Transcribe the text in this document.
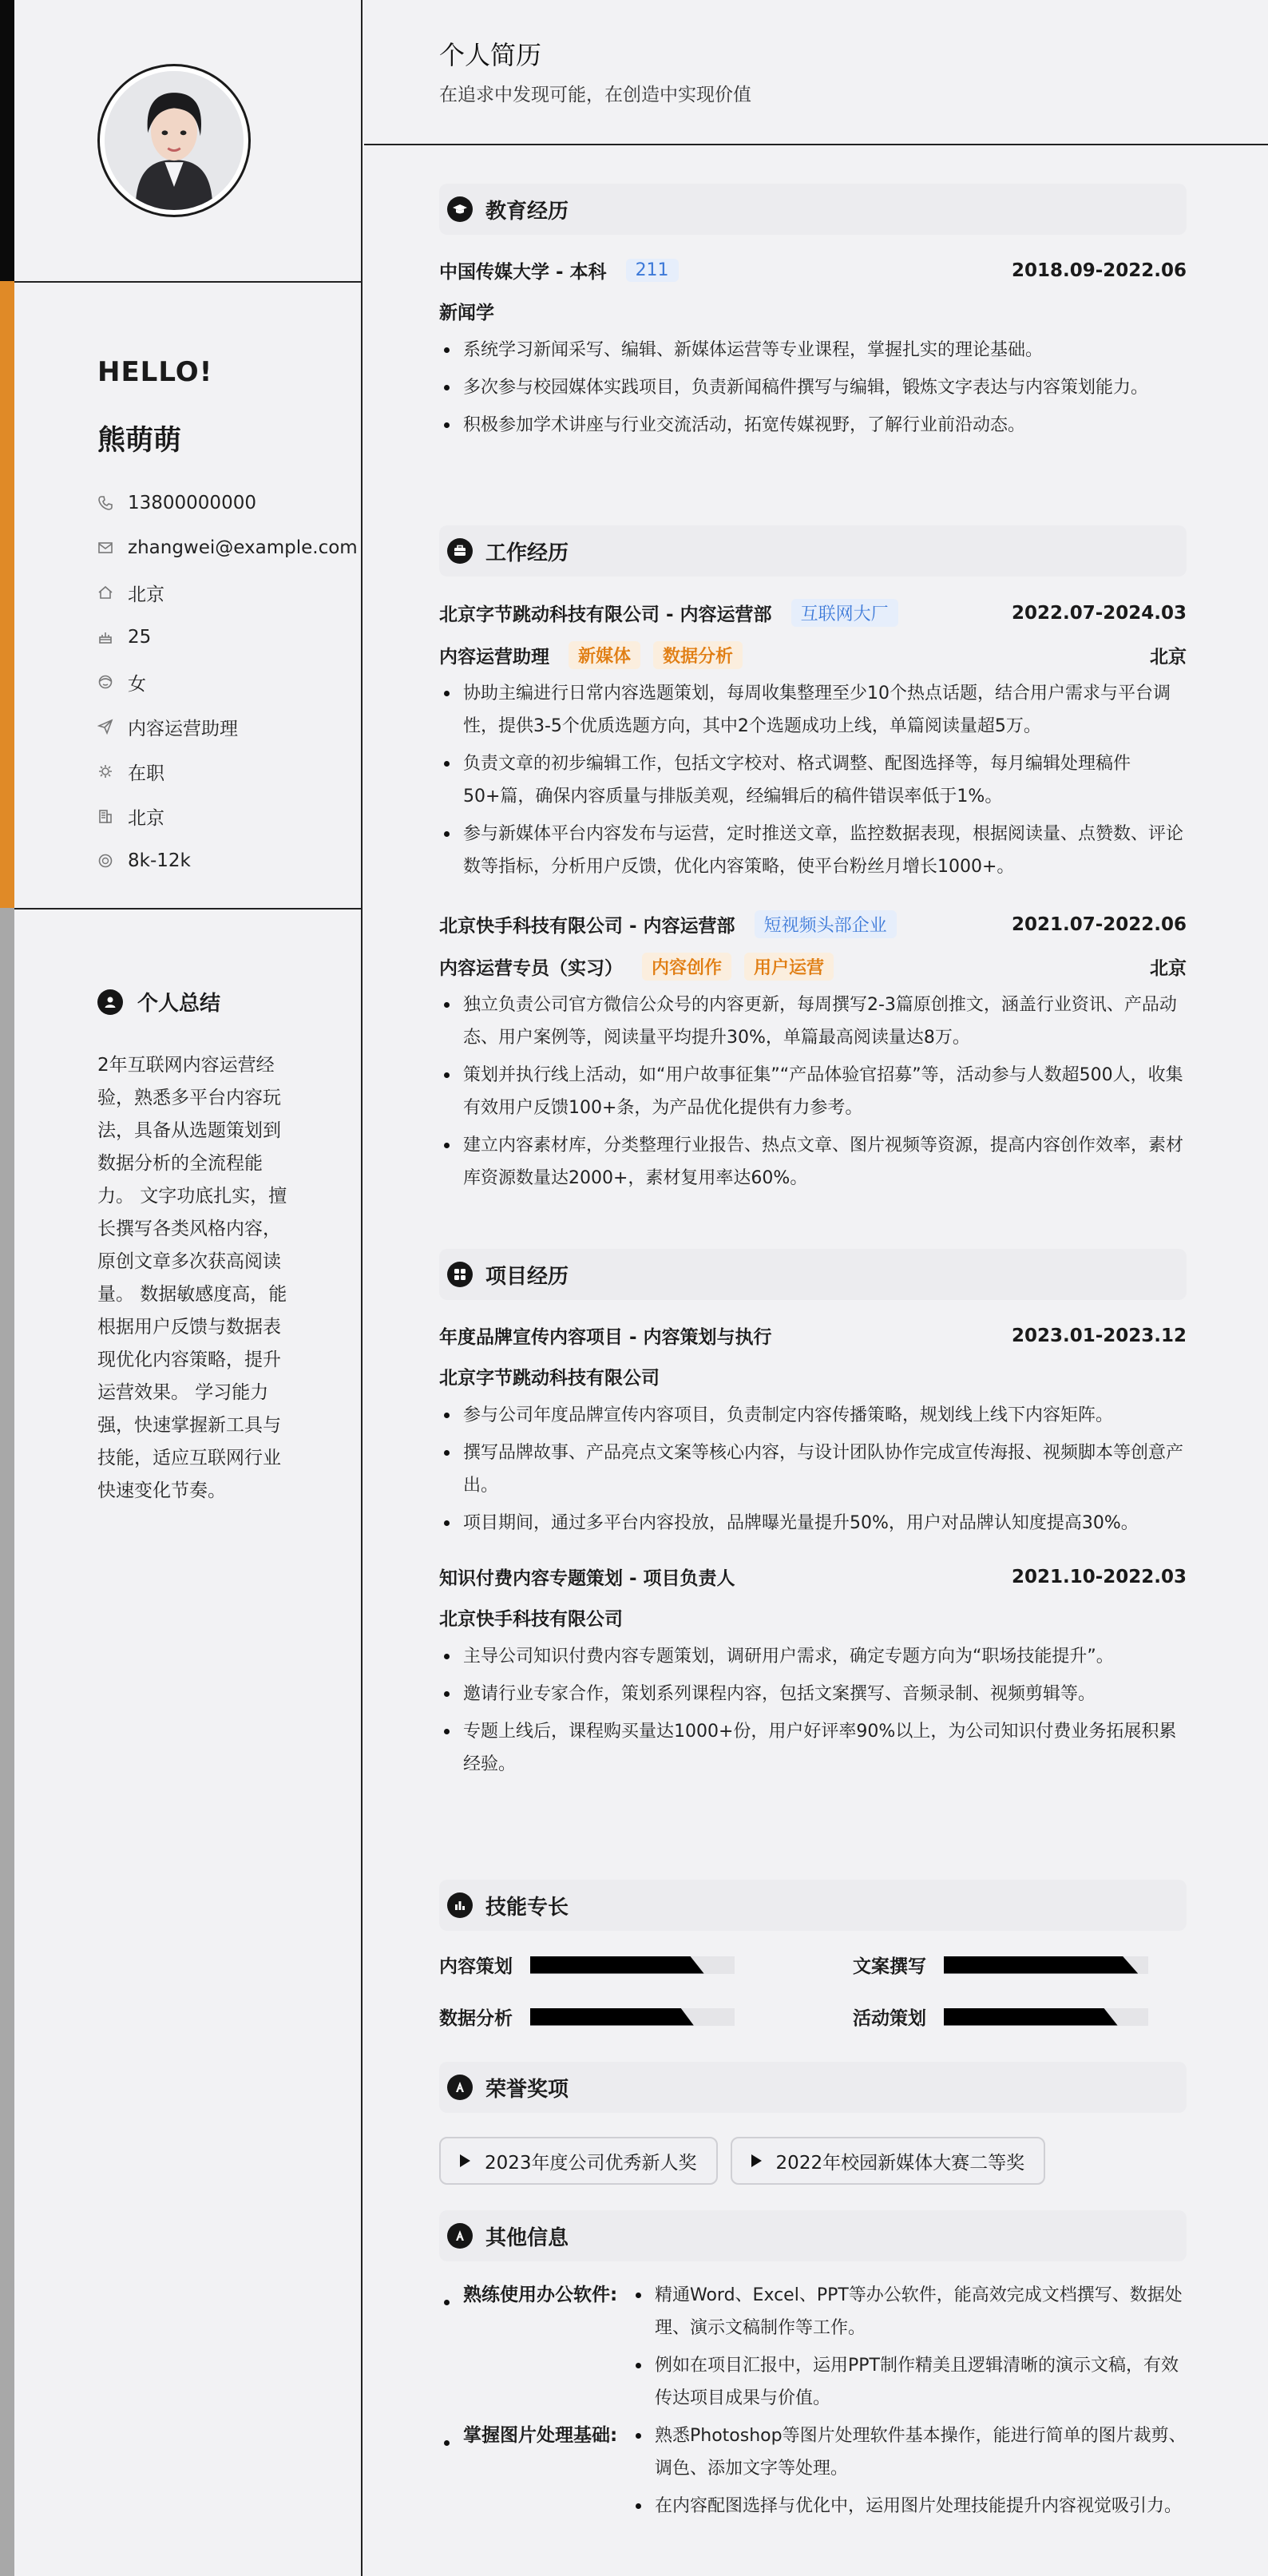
HELLO!
熊萌萌
13800000000
zhangwei@example.com
北京
25
女
内容运营助理
在职
北京
8k-12k
个人总结
2年互联网内容运营经验，熟悉多平台内容玩法，具备从选题策划到数据分析的全流程能力。 文字功底扎实，擅长撰写各类风格内容，原创文章多次获高阅读量。 数据敏感度高，能根据用户反馈与数据表现优化内容策略，提升运营效果。 学习能力强，快速掌握新工具与技能，适应互联网行业快速变化节奏。
个人简历
在追求中发现可能，在创造中实现价值
教育经历
中国传媒大学 - 本科	211	2018.09-2022.06
新闻学
系统学习新闻采写、编辑、新媒体运营等专业课程，掌握扎实的理论基础。
多次参与校园媒体实践项目，负责新闻稿件撰写与编辑，锻炼文字表达与内容策划能力。
积极参加学术讲座与行业交流活动，拓宽传媒视野，了解行业前沿动态。
工作经历
北京字节跳动科技有限公司 - 内容运营部	互联网大厂	2022.07-2024.03
内容运营助理	新媒体	数据分析	北京
协助主编进行日常内容选题策划，每周收集整理至少10个热点话题，结合用户需求与平台调性，提供3-5个优质选题方向，其中2个选题成功上线，单篇阅读量超5万。
负责文章的初步编辑工作，包括文字校对、格式调整、配图选择等，每月编辑处理稿件50+篇，确保内容质量与排版美观，经编辑后的稿件错误率低于1%。
参与新媒体平台内容发布与运营，定时推送文章，监控数据表现，根据阅读量、点赞数、评论数等指标，分析用户反馈，优化内容策略，使平台粉丝月增长1000+。
北京快手科技有限公司 - 内容运营部	短视频头部企业	2021.07-2022.06
内容运营专员（实习）	内容创作	用户运营	北京
独立负责公司官方微信公众号的内容更新，每周撰写2-3篇原创推文，涵盖行业资讯、产品动态、用户案例等，阅读量平均提升30%，单篇最高阅读量达8万。
策划并执行线上活动，如“用户故事征集”“产品体验官招募”等，活动参与人数超500人，收集有效用户反馈100+条，为产品优化提供有力参考。
建立内容素材库，分类整理行业报告、热点文章、图片视频等资源，提高内容创作效率，素材库资源数量达2000+，素材复用率达60%。
项目经历
年度品牌宣传内容项目 - 内容策划与执行	2023.01-2023.12
北京字节跳动科技有限公司
参与公司年度品牌宣传内容项目，负责制定内容传播策略，规划线上线下内容矩阵。
撰写品牌故事、产品亮点文案等核心内容，与设计团队协作完成宣传海报、视频脚本等创意产出。
项目期间，通过多平台内容投放，品牌曝光量提升50%，用户对品牌认知度提高30%。
知识付费内容专题策划 - 项目负责人	2021.10-2022.03
北京快手科技有限公司
主导公司知识付费内容专题策划，调研用户需求，确定专题方向为“职场技能提升”。
邀请行业专家合作，策划系列课程内容，包括文案撰写、音频录制、视频剪辑等。
专题上线后，课程购买量达1000+份，用户好评率90%以上，为公司知识付费业务拓展积累经验。
技能专长
内容策划	文案撰写
数据分析	活动策划
荣誉奖项
2023年度公司优秀新人奖	2022年校园新媒体大赛二等奖
其他信息
熟练使用办公软件:	精通Word、Excel、PPT等办公软件，能高效完成文档撰写、数据处理、演示文稿制作等工作。
例如在项目汇报中，运用PPT制作精美且逻辑清晰的演示文稿，有效传达项目成果与价值。
掌握图片处理基础:	熟悉Photoshop等图片处理软件基本操作，能进行简单的图片裁剪、调色、添加文字等处理。
在内容配图选择与优化中，运用图片处理技能提升内容视觉吸引力。
